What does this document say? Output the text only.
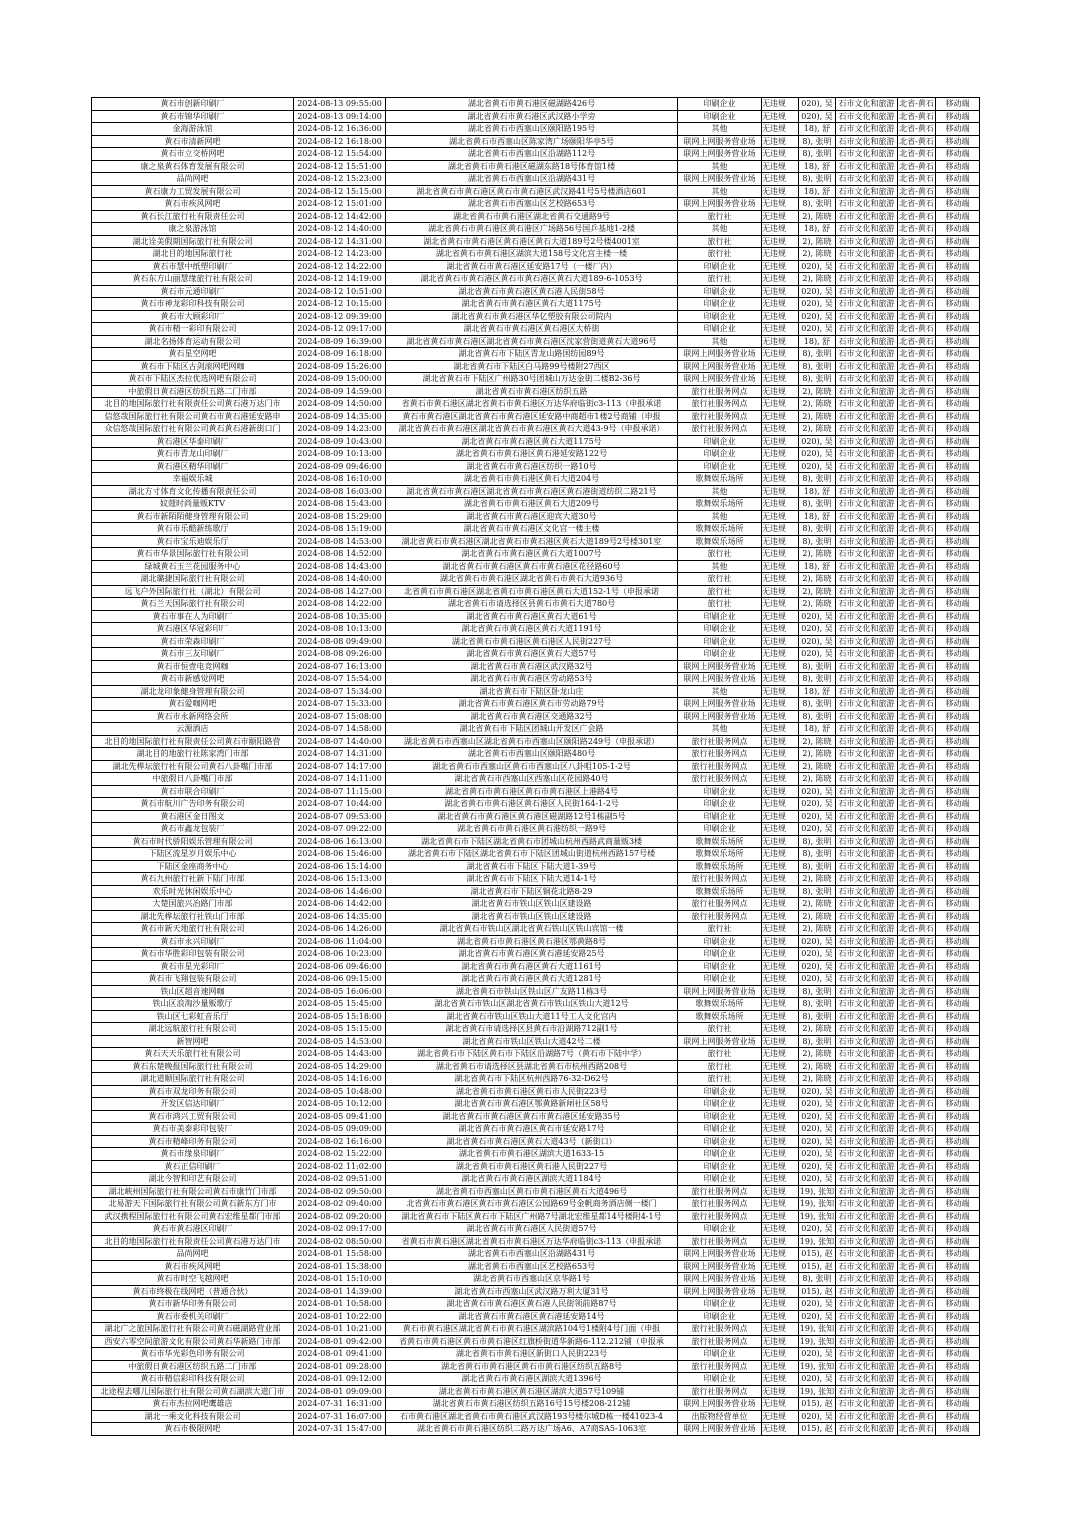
黄石市创新印刷厂	2024-08-13 09:55:00	湖北省黄石市黄石港区磁湖路426号	印刷企业	无违规	020), 吴	石市文化和旅游	北省-黄石	移动端

黄石市锦华印刷厂	2024-08-13 09:14:00	湖北省黄石市黄石港区武汉路小学旁	印刷企业	无违规	020), 吴	石市文化和旅游	北省-黄石	移动端

金海游泳馆	2024-08-12 16:36:00	湖北省黄石市西塞山区颐阳路195号	其他	无违规	18), 舒	石市文化和旅游	北省-黄石	移动端

黄石市清新网吧	2024-08-12 16:18:00	湖北省黄石市西塞山区陈家湾广场颐阳华亭5号	联网上网服务营业场	无违规	8), 张明	石市文化和旅游	北省-黄石	移动端

黄石市立交桥网吧	2024-08-12 15:54:00	湖北省黄石市西塞山区沿湖路112号	联网上网服务营业场	无违规	8), 张明	石市文化和旅游	北省-黄石	移动端

康之泉黄石体育发展有限公司	2024-08-12 15:51:00	湖北省黄石市黄石港区磁湖东路18号体育馆1楼	其他	无违规	18), 舒	石市文化和旅游	北省-黄石	移动端

品尚网吧	2024-08-12 15:23:00	湖北省黄石市西塞山区沿湖路431号	联网上网服务营业场	无违规	8), 张明	石市文化和旅游	北省-黄石	移动端

黄石康力工贸发展有限公司	2024-08-12 15:15:00	湖北省黄石市黄石港区黄石市黄石港区武汉路41号5号楼酒店601	其他	无违规	18), 舒	石市文化和旅游	北省-黄石	移动端

黄石市疾风网吧	2024-08-12 15:01:00	湖北省黄石市西塞山区艺校路653号	联网上网服务营业场	无违规	8), 张明	石市文化和旅游	北省-黄石	移动端

黄石长江旅行社有限责任公司	2024-08-12 14:42:00	湖北省黄石市黄石港区湖北省黄石交通路9号	旅行社	无违规	2), 陈晓	石市文化和旅游	北省-黄石	移动端

康之泉游泳馆	2024-08-12 14:40:00	湖北省黄石市黄石港区黄石港区广场路56号国乒基地1-2楼	其他	无违规	18), 舒	石市文化和旅游	北省-黄石	移动端

湖北诠美假期国际旅行社有限公司	2024-08-12 14:31:00	湖北省黄石市黄石港区黄石港区黄石大道189号2号楼4001室	旅行社	无违规	2), 陈晓	石市文化和旅游	北省-黄石	移动端

湖北目的地国际旅行社	2024-08-12 14:23:00	湖北省黄石市黄石港区湖滨大道158号文化宫主楼一楼	旅行社	无违规	2), 陈晓	石市文化和旅游	北省-黄石	移动端

黄石市慧中纸塑印刷厂	2024-08-12 14:22:00	湖北省黄石市黄石港区延安路17号（一楼厂内）	印刷企业	无违规	020), 吴	石市文化和旅游	北省-黄石	移动端

黄石东方山丽慧缘旅行社有限公司	2024-08-12 14:19:00	湖北省黄石市黄石港区黄石市黄石港区黄石大道189-6-1053号	旅行社	无违规	2), 陈晓	石市文化和旅游	北省-黄石	移动端

黄石市元通印刷厂	2024-08-12 10:51:00	湖北省黄石市黄石港区黄石港人民街58号	印刷企业	无违规	020), 吴	石市文化和旅游	北省-黄石	移动端

黄石市神龙彩印科技有限公司	2024-08-12 10:15:00	湖北省黄石市黄石港区黄石大道1175号	印刷企业	无违规	020), 吴	石市文化和旅游	北省-黄石	移动端

黄石市大顾彩印厂	2024-08-12 09:39:00	湖北省黄石市黄石港区华亿塑胶有限公司院内	印刷企业	无违规	020), 吴	石市文化和旅游	北省-黄石	移动端

黄石市精一彩印有限公司	2024-08-12 09:17:00	湖北省黄石市黄石港区黄石港区大桥街	印刷企业	无违规	020), 吴	石市文化和旅游	北省-黄石	移动端

湖北名扬体育运动有限公司	2024-08-09 16:39:00	湖北省黄石市黄石港区湖北省黄石市黄石港区沈家营街道黄石大道96号	其他	无违规	18), 舒	石市文化和旅游	北省-黄石	移动端

黄石星空网吧	2024-08-09 16:18:00	湖北省黄石市下陆区青龙山路国纺园89号	联网上网服务营业场	无违规	8), 张明	石市文化和旅游	北省-黄石	移动端

黄石市下陆区古剑滚网吧网咖	2024-08-09 15:26:00	湖北省黄石市下陆区白马路99号楼附27西区	联网上网服务营业场	无违规	8), 张明	石市文化和旅游	北省-黄石	移动端

黄石市下陆区杰拉优选网吧有限公司	2024-08-09 15:00:00	湖北省黄石市下陆区广州路30号团城山万达金街二楼B2-36号	联网上网服务营业场	无违规	8), 张明	石市文化和旅游	北省-黄石	移动端

中旅假日黄石港区纺织五路二门市部	2024-08-09 14:59:00	湖北省黄石市黄石港区纺织五路	旅行社服务网点	无违规	2), 陈晓	石市文化和旅游	北省-黄石	移动端

北目的地国际旅行社有限责任公司黄石港万达门市	2024-08-09 14:50:00	省黄石市黄石港区湖北省黄石市黄石港区万达华府临街c3-113（申报承诺	旅行社服务网点	无违规	2), 陈晓	石市文化和旅游	北省-黄石	移动端

信悠哉国际旅行社有限公司黄石市黄石港延安路申	2024-08-09 14:35:00	黄石市黄石港区湖北省黄石市黄石港区延安路中商超市1楼2号商铺（申报	旅行社服务网点	无违规	2), 陈晓	石市文化和旅游	北省-黄石	移动端

众信悠哉国际旅行社有限公司黄石黄石港新街口门	2024-08-09 14:23:00	湖北省黄石市黄石港区湖北省黄石市黄石港区黄石大道43-9号（申报承诺）	旅行社服务网点	无违规	2), 陈晓	石市文化和旅游	北省-黄石	移动端

黄石港区华泰印刷厂	2024-08-09 10:43:00	湖北省黄石市黄石港区黄石大道1175号	印刷企业	无违规	020), 吴	石市文化和旅游	北省-黄石	移动端

黄石市青龙山印刷厂	2024-08-09 10:13:00	湖北省黄石市黄石港区黄石港延安路122号	印刷企业	无违规	020), 吴	石市文化和旅游	北省-黄石	移动端

黄石港区精华印刷厂	2024-08-09 09:46:00	湖北省黄石市黄石港区纺织一路10号	印刷企业	无违规	020), 吴	石市文化和旅游	北省-黄石	移动端

幸福娱乐城	2024-08-08 16:10:00	湖北省黄石市黄石港区黄石大道204号	歌舞娱乐场所	无违规	8), 张明	石市文化和旅游	北省-黄石	移动端

湖北方寸体育文化传播有限责任公司	2024-08-08 16:03:00	湖北省黄石市黄石港区湖北省黄石市黄石港区黄石港街道纺织二路21号	其他	无违规	18), 舒	石市文化和旅游	北省-黄石	移动端

妏蔻时尚量贩KTV	2024-08-08 15:43:00	湖北省黄石市黄石港区黄石大道209号	歌舞娱乐场所	无违规	8), 张明	石市文化和旅游	北省-黄石	移动端

黄石市新陌陌健身管理有限公司	2024-08-08 15:29:00	湖北省黄石市黄石港区迎宾大道30号	其他	无违规	18), 舒	石市文化和旅游	北省-黄石	移动端

黄石市乐酷新练歌厅	2024-08-08 15:19:00	湖北省黄石市黄石港区文化宫一楼主楼	歌舞娱乐场所	无违规	8), 张明	石市文化和旅游	北省-黄石	移动端

黄石市宝乐迪娱乐厅	2024-08-08 14:53:00	湖北省黄石市黄石港区湖北省黄石市黄石港区黄石大道189号2号楼301室	歌舞娱乐场所	无违规	8), 张明	石市文化和旅游	北省-黄石	移动端

黄石市华景国际旅行社有限公司	2024-08-08 14:52:00	湖北省黄石市黄石港区黄石大道1007号	旅行社	无违规	2), 陈晓	石市文化和旅游	北省-黄石	移动端

绿城黄石玉兰花园服务中心	2024-08-08 14:43:00	湖北省黄石市黄石港区黄石市黄石港区花径路60号	其他	无违规	18), 舒	石市文化和旅游	北省-黄石	移动端

湖北璐捷国际旅行社有限公司	2024-08-08 14:40:00	湖北省黄石市黄石港区湖北省黄石市黄石大道936号	旅行社	无违规	2), 陈晓	石市文化和旅游	北省-黄石	移动端

远飞户外国际旅行社（湖北）有限公司	2024-08-08 14:27:00	北省黄石市黄石港区湖北省黄石市黄石港区黄石大道152-1号（申报承诺	旅行社	无违规	2), 陈晓	石市文化和旅游	北省-黄石	移动端

黄石兰天国际旅行社有限公司	2024-08-08 14:22:00	湖北省黄石市请选择区县黄石市黄石大道780号	旅行社	无违规	2), 陈晓	石市文化和旅游	北省-黄石	移动端

黄石市事在人为印刷厂	2024-08-08 10:35:00	湖北省黄石市黄石港区黄石大道61号	印刷企业	无违规	020), 吴	石市文化和旅游	北省-黄石	移动端

黄石港区华冠彩印厂	2024-08-08 10:13:00	湖北省黄石市黄石港区黄石大道1191号	印刷企业	无违规	020), 吴	石市文化和旅游	北省-黄石	移动端

黄石市荣森印刷厂	2024-08-08 09:49:00	湖北省黄石市黄石港区黄石港区人民街227号	印刷企业	无违规	020), 吴	石市文化和旅游	北省-黄石	移动端

黄石市三友印刷厂	2024-08-08 09:26:00	湖北省黄石市黄石港区黄石大道57号	印刷企业	无违规	020), 吴	石市文化和旅游	北省-黄石	移动端

黄石市恒壹电竞网咖	2024-08-07 16:13:00	湖北省黄石市黄石港区武汉路32号	联网上网服务营业场	无违规	8), 张明	石市文化和旅游	北省-黄石	移动端

黄石市新感觉网吧	2024-08-07 15:54:00	湖北省黄石市黄石港区劳动路53号	联网上网服务营业场	无违规	8), 张明	石市文化和旅游	北省-黄石	移动端

湖北龙印象健身管理有限公司	2024-08-07 15:34:00	湖北省黄石市下陆区卧龙山庄	其他	无违规	18), 舒	石市文化和旅游	北省-黄石	移动端

黄石爱咖网吧	2024-08-07 15:33:00	湖北省黄石市黄石港区黄石市劳动路79号	联网上网服务营业场	无违规	8), 张明	石市文化和旅游	北省-黄石	移动端

黄石市永新网络会所	2024-08-07 15:08:00	湖北省黄石市黄石港区交通路32号	联网上网服务营业场	无违规	8), 张明	石市文化和旅游	北省-黄石	移动端

云源酒店	2024-08-07 14:58:00	湖北省黄石市下陆区团城山开发区广会路	其他	无违规	18), 舒	石市文化和旅游	北省-黄石	移动端

北目的地国际旅行社有限责任公司黄石市颐阳路营	2024-08-07 14:40:00	湖北省黄石市西塞山区湖北省黄石市西塞山区颐阳路249号（申报承诺）	旅行社服务网点	无违规	2), 陈晓	石市文化和旅游	北省-黄石	移动端

湖北目的地旅行社陈家湾门市部	2024-08-07 14:31:00	湖北省黄石市西塞山区颐阳路480号	旅行社服务网点	无违规	2), 陈晓	石市文化和旅游	北省-黄石	移动端

湖北先桦坛旅行社有限公司黄石八卦嘴门市部	2024-08-07 14:17:00	湖北省黄石市西塞山区黄石市西塞山区八卦咀105-1-2号	旅行社服务网点	无违规	2), 陈晓	石市文化和旅游	北省-黄石	移动端

中旅假日八卦嘴门市部	2024-08-07 14:11:00	湖北省黄石市西塞山区西塞山区花园路40号	旅行社服务网点	无违规	2), 陈晓	石市文化和旅游	北省-黄石	移动端

黄石市联合印刷厂	2024-08-07 11:15:00	湖北省黄石市黄石港区黄石市黄石港区上港路4号	印刷企业	无违规	020), 吴	石市文化和旅游	北省-黄石	移动端

黄石市航川广告印务有限公司	2024-08-07 10:44:00	湖北省黄石市黄石港区黄石港区人民街164-1-2号	印刷企业	无违规	020), 吴	石市文化和旅游	北省-黄石	移动端

黄石港区金日图文	2024-08-07 09:53:00	湖北省黄石市黄石港区黄石港区磁湖路12号1栋副5号	印刷企业	无违规	020), 吴	石市文化和旅游	北省-黄石	移动端

黄石市鑫龙包装厂	2024-08-07 09:22:00	湖北省黄石市黄石港区黄石港纺织一路9号	印刷企业	无违规	020), 吴	石市文化和旅游	北省-黄石	移动端

黄石市时代骄阳娱乐管理有限公司	2024-08-06 16:13:00	湖北省黄石市下陆区湖北省黄石市团城山杭州西路武商量贩3楼	歌舞娱乐场所	无违规	8), 张明	石市文化和旅游	北省-黄石	移动端

下陆区流星岁月娱乐中心	2024-08-06 15:46:00	湖北省黄石市下陆区湖北省黄石市下陆区团城山街道杭州西路157号楼	歌舞娱乐场所	无违规	8), 张明	石市文化和旅游	北省-黄石	移动端

下陆区金座商务中心	2024-08-06 15:14:00	湖北省黄石市下陆区下陆大道1-39号	歌舞娱乐场所	无违规	8), 张明	石市文化和旅游	北省-黄石	移动端

黄石九州旅行社新下陆门市部	2024-08-06 15:13:00	湖北省黄石市下陆区下陆大道14-1号	旅行社服务网点	无违规	2), 陈晓	石市文化和旅游	北省-黄石	移动端

欢乐时光休闲娱乐中心	2024-08-06 14:46:00	湖北省黄石市下陆区铜花北路8-29	歌舞娱乐场所	无违规	8), 张明	石市文化和旅游	北省-黄石	移动端

大楚国旅兴冶路门市部	2024-08-06 14:42:00	湖北省黄石市铁山区铁山区建设路	旅行社服务网点	无违规	2), 陈晓	石市文化和旅游	北省-黄石	移动端

湖北先桦坛旅行社铁山门市部	2024-08-06 14:35:00	湖北省黄石市铁山区铁山区建设路	旅行社服务网点	无违规	2), 陈晓	石市文化和旅游	北省-黄石	移动端

黄石市新天地旅行社有限公司	2024-08-06 14:26:00	湖北省黄石市铁山区湖北省黄石铁山区铁山宾馆一楼	旅行社	无违规	2), 陈晓	石市文化和旅游	北省-黄石	移动端

黄石市永兴印刷厂	2024-08-06 11:04:00	湖北省黄石市黄石港区黄石港区鄂黄路8号	印刷企业	无违规	020), 吴	石市文化和旅游	北省-黄石	移动端

黄石市华胜彩印包装有限公司	2024-08-06 10:23:00	湖北省黄石市黄石港区黄石港延安路25号	印刷企业	无违规	020), 吴	石市文化和旅游	北省-黄石	移动端

黄石市星光彩印厂	2024-08-06 09:46:00	湖北省黄石市黄石港区黄石大道1161号	印刷企业	无违规	020), 吴	石市文化和旅游	北省-黄石	移动端

黄石市飞翔包装有限公司	2024-08-06 09:15:00	湖北省黄石市黄石港区黄石大道1281号	印刷企业	无违规	020), 吴	石市文化和旅游	北省-黄石	移动端

铁山区超音速网咖	2024-08-05 16:06:00	湖北省黄石市铁山区铁山区广友路11栋3号	联网上网服务营业场	无违规	8), 张明	石市文化和旅游	北省-黄石	移动端

铁山区浪淘沙量贩歌厅	2024-08-05 15:45:00	湖北省黄石市铁山区湖北省黄石市铁山区铁山大道12号	歌舞娱乐场所	无违规	8), 张明	石市文化和旅游	北省-黄石	移动端

铁山区七彩虹音乐厅	2024-08-05 15:18:00	湖北省黄石市铁山区铁山大道11号工人文化宫内	歌舞娱乐场所	无违规	8), 张明	石市文化和旅游	北省-黄石	移动端

湖北远航旅行社有限公司	2024-08-05 15:15:00	湖北省黄石市请选择区县黄石市沿湖路712副1号	旅行社	无违规	2), 陈晓	石市文化和旅游	北省-黄石	移动端

新智网吧	2024-08-05 14:53:00	湖北省黄石市铁山区铁山大道42号二楼	联网上网服务营业场	无违规	8), 张明	石市文化和旅游	北省-黄石	移动端

黄石天天乐旅行社有限公司	2024-08-05 14:43:00	湖北省黄石市下陆区黄石市下陆区沿湖路7号（黄石市下陆中学）	旅行社	无违规	2), 陈晓	石市文化和旅游	北省-黄石	移动端

黄石东楚晚报国际旅行社有限公司	2024-08-05 14:29:00	湖北省黄石市请选择区县湖北省黄石市杭州西路208号	旅行社	无违规	2), 陈晓	石市文化和旅游	北省-黄石	移动端

湖北道顺国际旅行社有限公司	2024-08-05 14:16:00	湖北省黄石市下陆区杭州西路76-32-D62号	旅行社	无违规	2), 陈晓	石市文化和旅游	北省-黄石	移动端

黄石市双龙印务有限公司	2024-08-05 10:48:00	湖北省黄石市黄石港区黄石市人民街223号	印刷企业	无违规	020), 吴	石市文化和旅游	北省-黄石	移动端

开发区信达印刷厂	2024-08-05 10:12:00	湖北省黄石市黄石港区鄂黄路新闸社区58号	印刷企业	无违规	020), 吴	石市文化和旅游	北省-黄石	移动端

黄石市鸿兴工贸有限公司	2024-08-05 09:41:00	湖北省黄石市黄石港区黄石市黄石港区延安路35号	印刷企业	无违规	020), 吴	石市文化和旅游	北省-黄石	移动端

黄石市美泰彩印包装厂	2024-08-05 09:09:00	湖北省黄石市黄石港区黄石市延安路17号	印刷企业	无违规	020), 吴	石市文化和旅游	北省-黄石	移动端

黄石市精峰印务有限公司	2024-08-02 16:16:00	湖北省黄石市黄石港区黄石大道43号（新街口）	印刷企业	无违规	020), 吴	石市文化和旅游	北省-黄石	移动端

黄石市缘泉印刷厂	2024-08-02 15:22:00	湖北省黄石市黄石港区湖滨大道1633-15	印刷企业	无违规	020), 吴	石市文化和旅游	北省-黄石	移动端

黄石正信印刷厂	2024-08-02 11:02:00	湖北省黄石市黄石港区黄石港人民街227号	印刷企业	无违规	020), 吴	石市文化和旅游	北省-黄石	移动端

湖北今智和印艺有限公司	2024-08-02 09:51:00	湖北省黄石市黄石港区湖滨大道1184号	印刷企业	无违规	020), 吴	石市文化和旅游	北省-黄石	移动端

湖北峡州国际旅行社有限公司黄石市康竹门市部	2024-08-02 09:50:00	湖北省黄石市西塞山区黄石市黄石港区黄石大道496号	旅行社服务网点	无违规	19), 张知	石市文化和旅游	北省-黄石	移动端

北易游天下国际旅行社有限公司黄石新东方门市	2024-08-02 09:40:00	北省黄石市黄石港区黄石市黄石港区公园路69号金帆商务酒店侧一楼门	旅行社服务网点	无违规	19), 张知	石市文化和旅游	北省-黄石	移动端

武汉携程国际旅行社有限公司黄石宏维星都门市部	2024-08-02 09:20:00	湖北省黄石市下陆区黄石市下陆区广州路7号湖北宏维星都14号楼附4-1号	旅行社服务网点	无违规	19), 张知	石市文化和旅游	北省-黄石	移动端

黄石市黄石港区印刷厂	2024-08-02 09:17:00	湖北省黄石市黄石港区人民街道57号	印刷企业	无违规	020), 吴	石市文化和旅游	北省-黄石	移动端

北目的地国际旅行社有限责任公司黄石港万达门市	2024-08-02 08:50:00	省黄石市黄石港区湖北省黄石市黄石港区万达华府临街c3-113（申报承诺	旅行社服务网点	无违规	19), 张知	石市文化和旅游	北省-黄石	移动端

品尚网吧	2024-08-01 15:58:00	湖北省黄石市西塞山区沿湖路431号	联网上网服务营业场	无违规	015), 赵	石市文化和旅游	北省-黄石	移动端

黄石市疾风网吧	2024-08-01 15:38:00	湖北省黄石市西塞山区艺校路653号	联网上网服务营业场	无违规	015), 赵	石市文化和旅游	北省-黄石	移动端

黄石市时空飞越网吧	2024-08-01 15:10:00	湖北省黄石市西塞山区京华路1号	联网上网服务营业场	无违规	8), 张明	石市文化和旅游	北省-黄石	移动端

黄石市终极在线网吧（普通合伙）	2024-08-01 14:39:00	湖北省黄石市西塞山区武汉路万利大厦31号	联网上网服务营业场	无违规	015), 赵	石市文化和旅游	北省-黄石	移动端

黄石市新华印务有限公司	2024-08-01 10:58:00	湖北省黄石市黄石港区黄石港人民街领前路87号	印刷企业	无违规	020), 吴	石市文化和旅游	北省-黄石	移动端

黄石市委机关印刷厂	2024-08-01 10:22:00	湖北省黄石市黄石港区黄石港延安路14号	印刷企业	无违规	020), 吴	石市文化和旅游	北省-黄石	移动端

湖北广之旅国际旅行社有限公司黄石磁湖路营业部	2024-08-01 10:21:00	黄石市黄石港区湖北省黄石市黄石港区湖滨路104号1楼附4号门面（申报	旅行社服务网点	无违规	19), 张知	石市文化和旅游	北省-黄石	移动端

西安六零空间旅游文化有限公司黄石华新路门市部	2024-08-01 09:42:00	省黄石市黄石港区黄石市黄石港区红旗桥街道华新路6-112.212铺（申报承	旅行社服务网点	无违规	19), 张知	石市文化和旅游	北省-黄石	移动端

黄石市华光彩色印务有限公司	2024-08-01 09:41:00	湖北省黄石市黄石港区新街口人民街223号	印刷企业	无违规	020), 吴	石市文化和旅游	北省-黄石	移动端

中旅假日黄石港区纺织五路二门市部	2024-08-01 09:28:00	湖北省黄石市黄石港区黄石市黄石港区纺织五路8号	旅行社服务网点	无违规	19), 张知	石市文化和旅游	北省-黄石	移动端

黄石市精信彩印科技有限公司	2024-08-01 09:12:00	湖北省黄石市黄石港区湖滨大道1396号	印刷企业	无违规	020), 吴	石市文化和旅游	北省-黄石	移动端

北途程去哪儿国际旅行社有限公司黄石湖滨大道门市	2024-08-01 09:09:00	湖北省黄石市黄石港区黄石港区湖滨大道57号109铺	旅行社服务网点	无违规	19), 张知	石市文化和旅游	北省-黄石	移动端

黄石市杰拉网吧鹰雄店	2024-07-31 16:31:00	湖北省黄石市黄石港区纺织五路16号15号楼208-212铺	联网上网服务营业场	无违规	015), 赵	石市文化和旅游	北省-黄石	移动端

湖北一乘文化科技有限公司	2024-07-31 16:07:00	石市黄石港区湖北省黄石市黄石港区武汉路193号楼尔城D栋一楼41023-4	出版物经营单位	无违规	020), 吴	石市文化和旅游	北省-黄石	移动端

黄石市极限网吧	2024-07-31 15:47:00	湖北省黄石市黄石港区纺织二路万达广场A6、A7商SA5-1063室	联网上网服务营业场	无违规	015), 赵	石市文化和旅游	北省-黄石	移动端
